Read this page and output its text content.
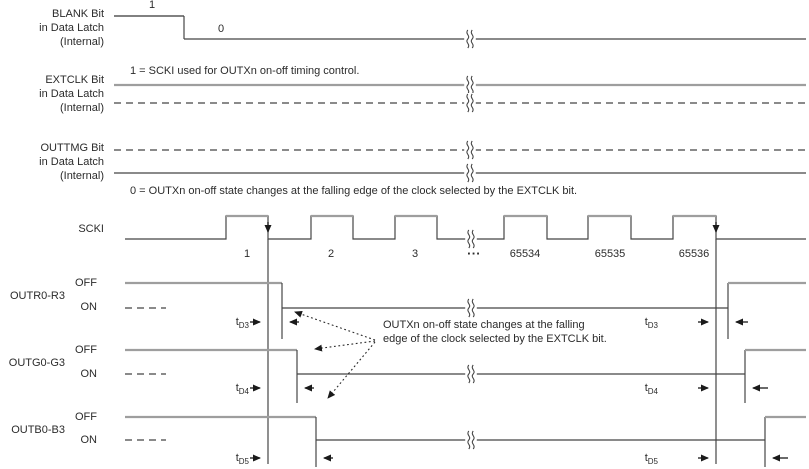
BLANK Bit
in Data Latch
(Internal)
1
0
EXTCLK Bit
in Data Latch
(Internal)
1 = SCKI used for OUTXn on-off timing control.
OUTTMG Bit
in Data Latch
(Internal)
0 = OUTXn on-off state changes at the falling edge of the clock selected by the EXTCLK bit.
SCKI
1	2	3	...	65534	65535	65536
OFF
OUTR0-R3
ON
$t_{D3}$	$t_{D3}$
OFF
OUTG0-G3
ON
$t_{D4}$	$t_{D4}$
OFF
OUTB0-B3
ON
$t_{D5}$	$t_{D5}$
OUTXn on-off state changes at the falling
edge of the clock selected by the EXTCLK bit.
